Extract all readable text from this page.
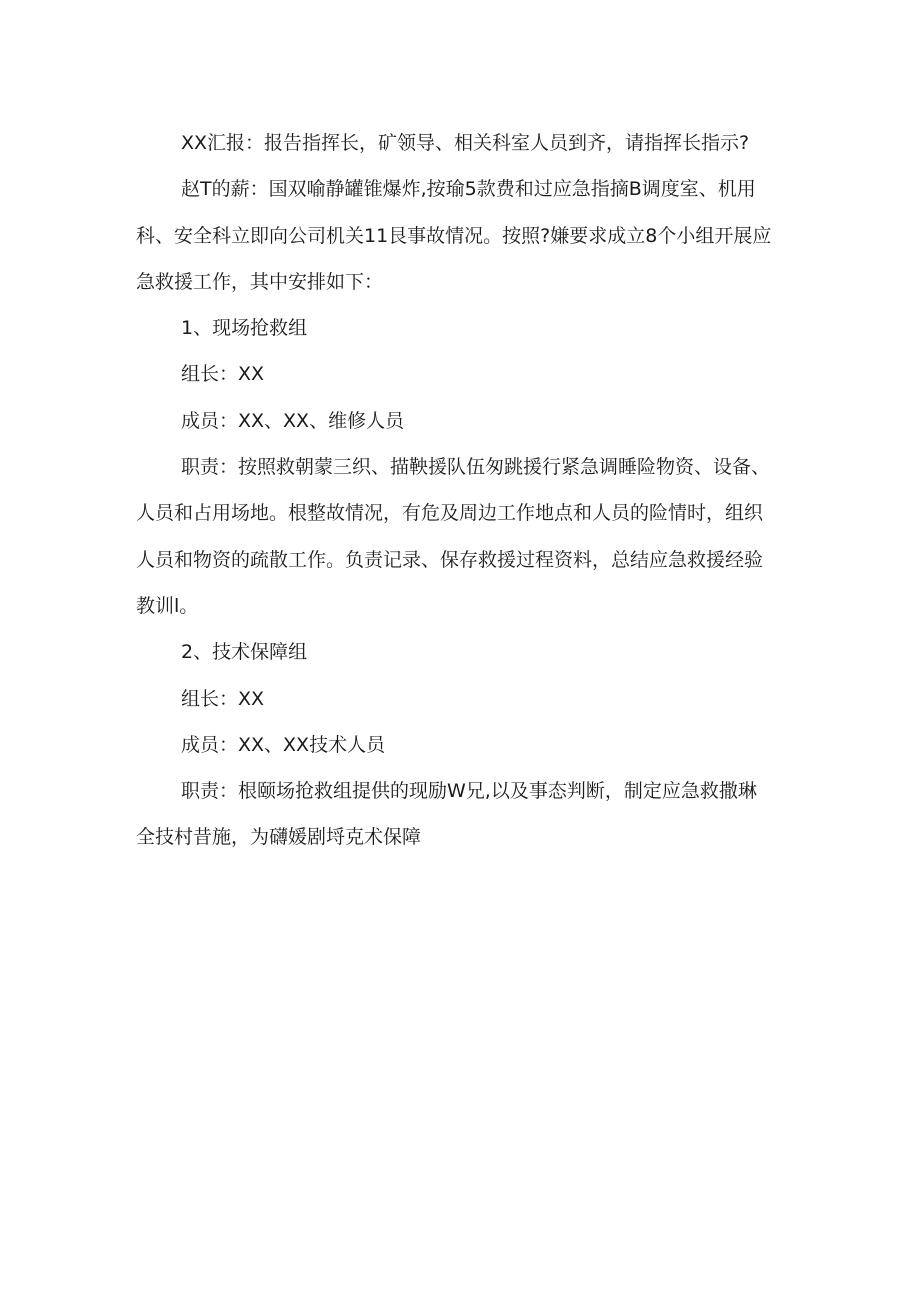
XX汇报：报告指挥长，矿领导、相关科室人员到齐，请指挥长指示?

赵T的薪：国双喻静罐锥爆炸,按瑜5款费和过应急指摘B调度室、机用
科、安全科立即向公司机关11艮事故情况。按照?嫌要求成立8个小组开展应
急救援工作，其中安排如下：

1、现场抢救组

组长：XX

成员：XX、XX、维修人员

职责：按照救朝蒙三织、描鞅援队伍匆跳援行紧急调睡险物资、设备、
人员和占用场地。根整故情况，有危及周边工作地点和人员的险情时，组织
人员和物资的疏散工作。负责记录、保存救援过程资料，总结应急救援经验
教训l。

2、技术保障组

组长：XX

成员：XX、XX技术人员

职责：根颐场抢救组提供的现励W兄,以及事态判断，制定应急救撒琳
全技村昔施，为礴媛剧埒克术保障
